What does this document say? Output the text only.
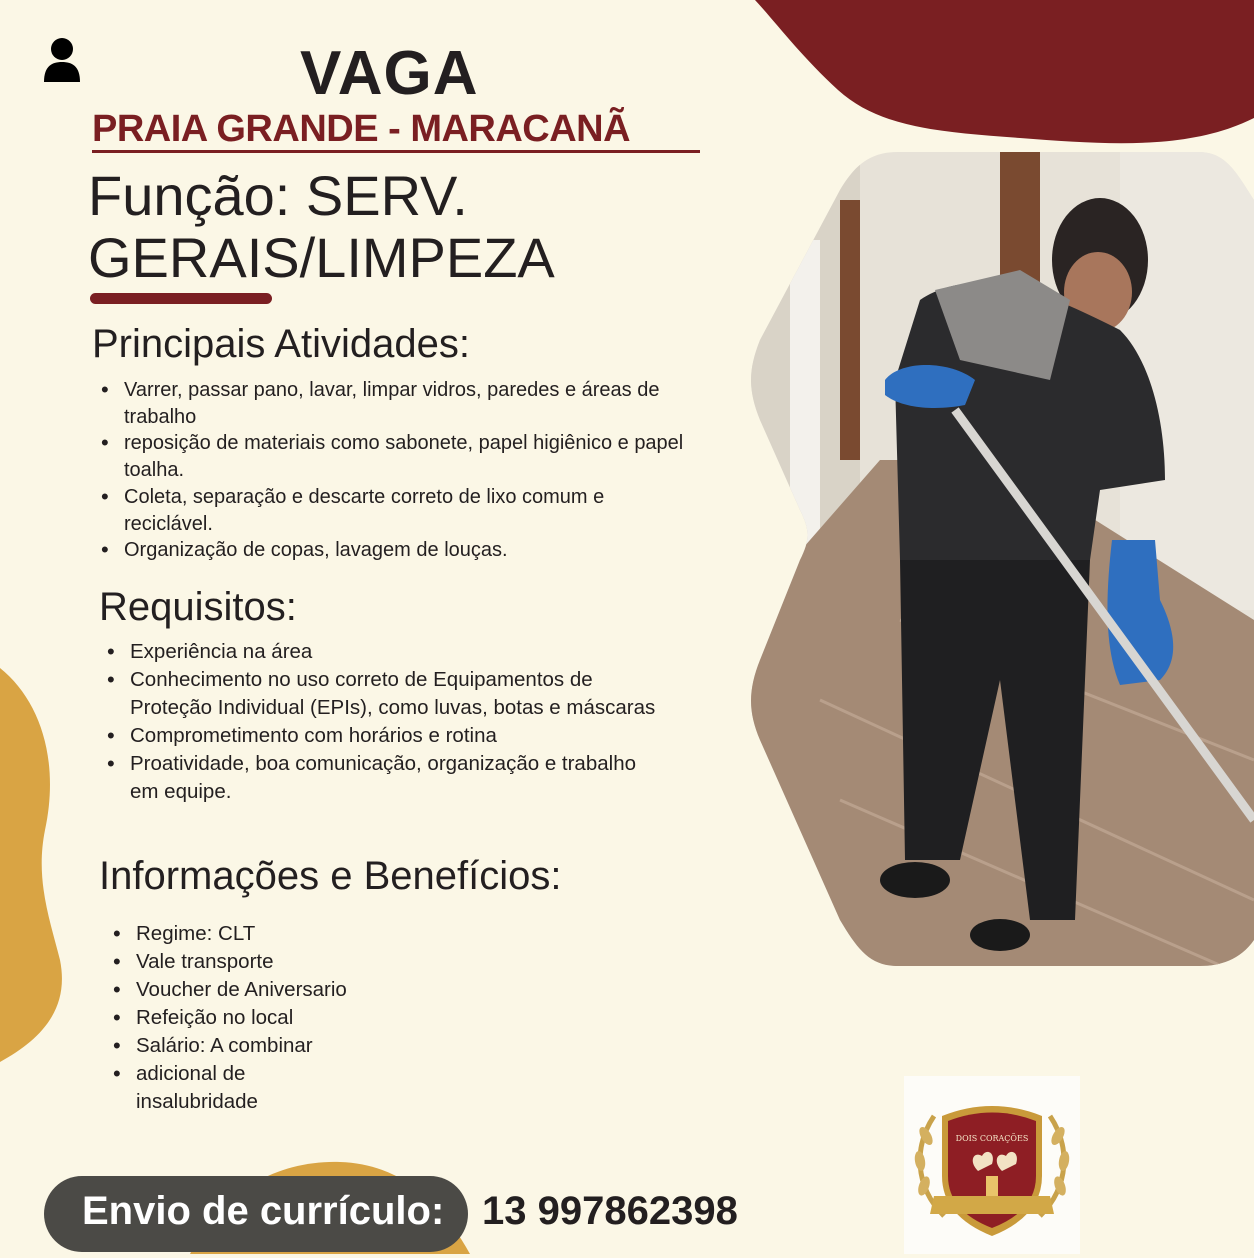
VAGA
PRAIA GRANDE - MARACANÃ
Função: SERV. GERAIS/LIMPEZA
Principais Atividades:
• Varrer, passar pano, lavar, limpar vidros, paredes e áreas de trabalho
• reposição de materiais como sabonete, papel higiênico e papel toalha.
• Coleta, separação e descarte correto de lixo comum e reciclável.
• Organização de copas, lavagem de louças.
Requisitos:
• Experiência na área
• Conhecimento no uso correto de Equipamentos de Proteção Individual (EPIs), como luvas, botas e máscaras
• Comprometimento com horários e rotina
• Proatividade, boa comunicação, organização e trabalho em equipe.
Informações e Benefícios:
• Regime: CLT
• Vale transporte
• Voucher de Aniversario
• Refeição no local
• Salário: A combinar
• adicional de insalubridade
DOIS CORAÇÕES
Envio de currículo: 13 997862398
